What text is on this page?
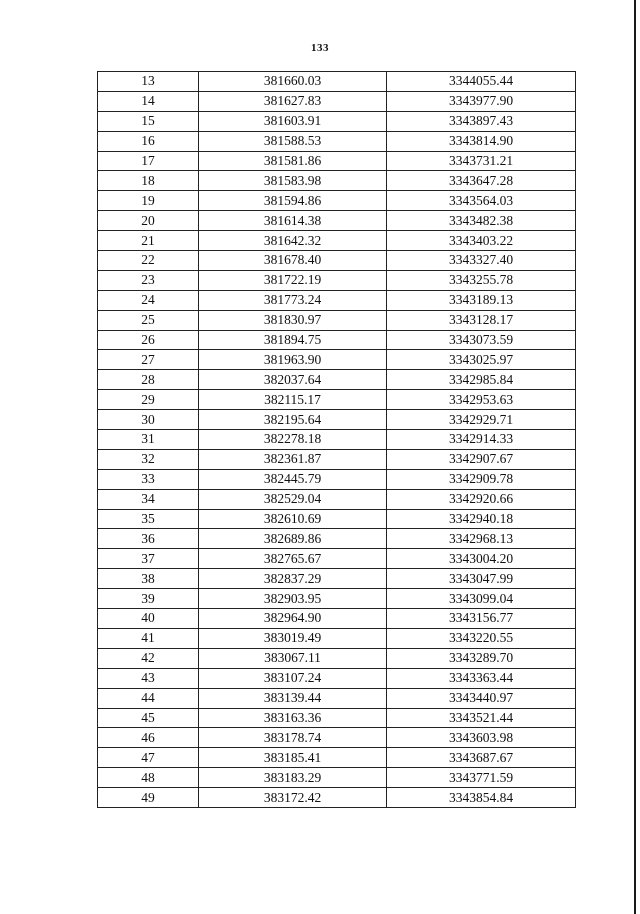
133
13	381660.03	3344055.44
14	381627.83	3343977.90
15	381603.91	3343897.43
16	381588.53	3343814.90
17	381581.86	3343731.21
18	381583.98	3343647.28
19	381594.86	3343564.03
20	381614.38	3343482.38
21	381642.32	3343403.22
22	381678.40	3343327.40
23	381722.19	3343255.78
24	381773.24	3343189.13
25	381830.97	3343128.17
26	381894.75	3343073.59
27	381963.90	3343025.97
28	382037.64	3342985.84
29	382115.17	3342953.63
30	382195.64	3342929.71
31	382278.18	3342914.33
32	382361.87	3342907.67
33	382445.79	3342909.78
34	382529.04	3342920.66
35	382610.69	3342940.18
36	382689.86	3342968.13
37	382765.67	3343004.20
38	382837.29	3343047.99
39	382903.95	3343099.04
40	382964.90	3343156.77
41	383019.49	3343220.55
42	383067.11	3343289.70
43	383107.24	3343363.44
44	383139.44	3343440.97
45	383163.36	3343521.44
46	383178.74	3343603.98
47	383185.41	3343687.67
48	383183.29	3343771.59
49	383172.42	3343854.84
